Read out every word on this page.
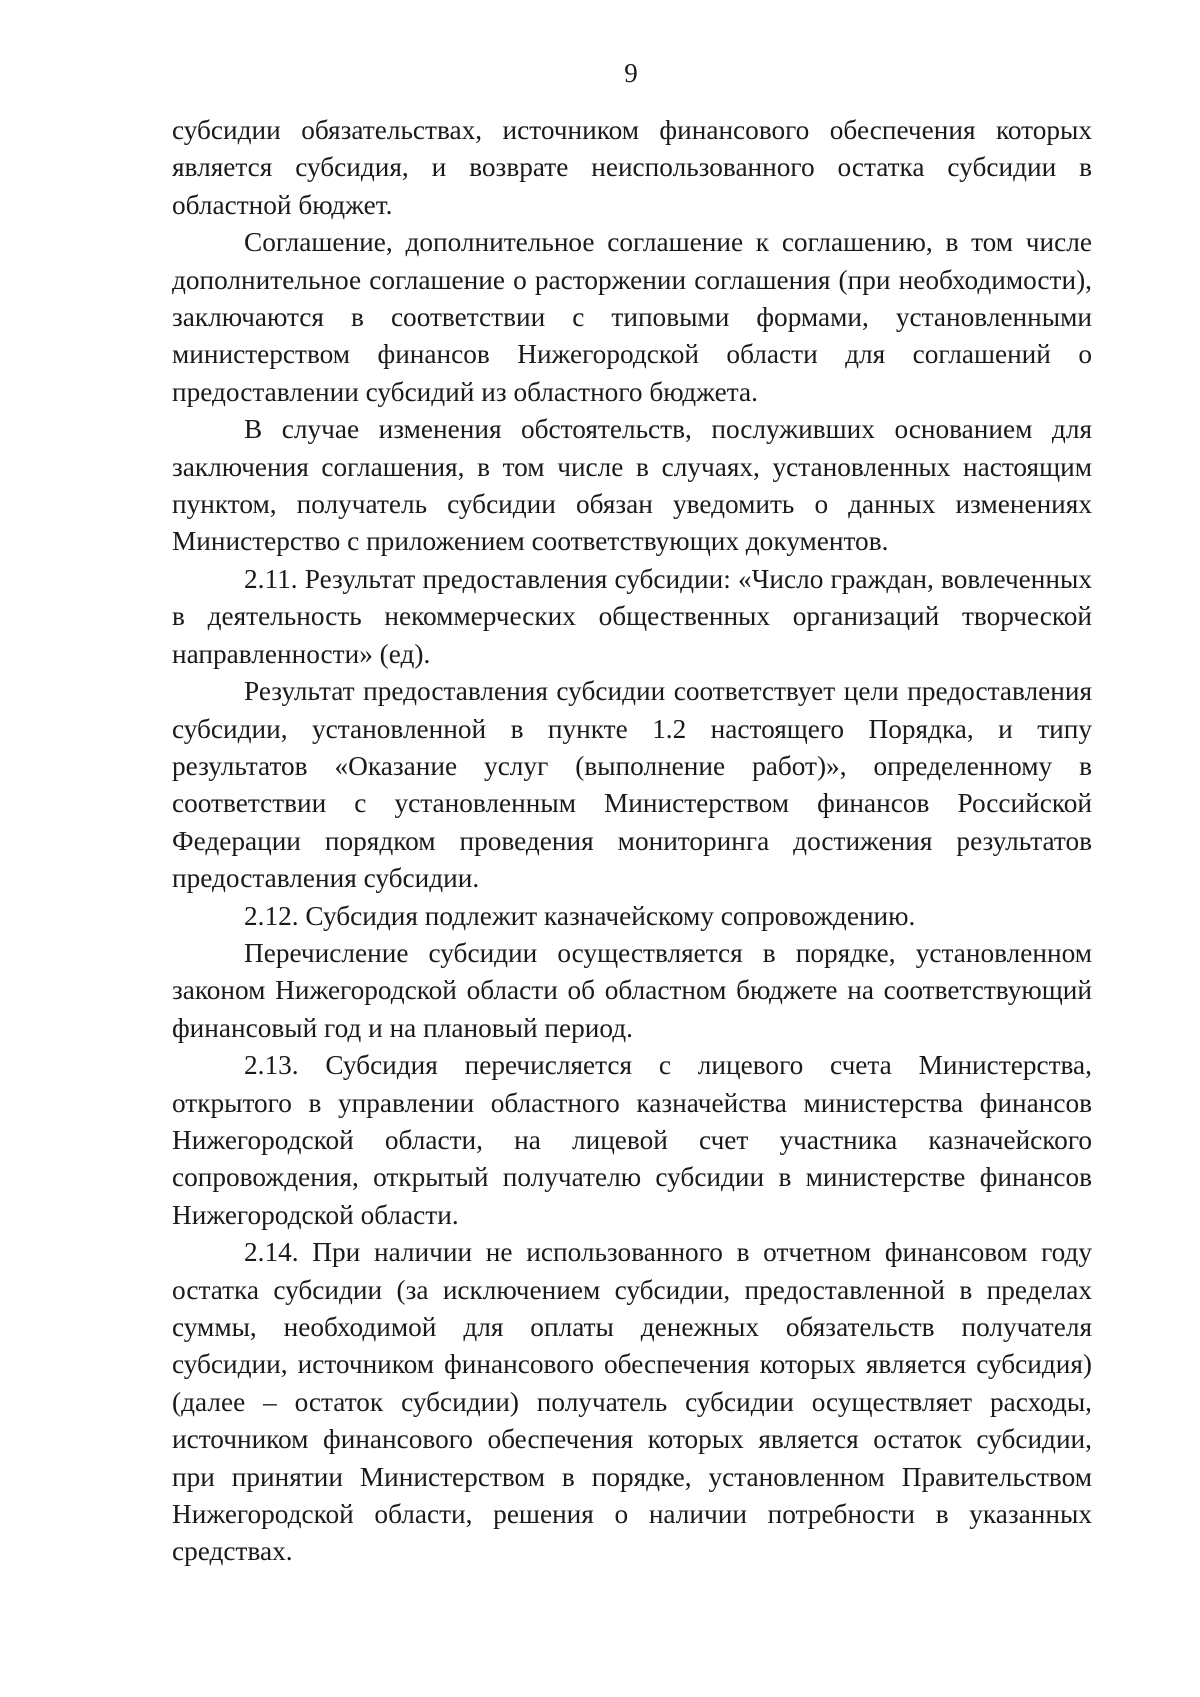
9

субсидии обязательствах, источником финансового обеспечения которых является субсидия, и возврате неиспользованного остатка субсидии в областной бюджет.

Соглашение, дополнительное соглашение к соглашению, в том числе дополнительное соглашение о расторжении соглашения (при необходимости), заключаются в соответствии с типовыми формами, установленными министерством финансов Нижегородской области для соглашений о предоставлении субсидий из областного бюджета.

В случае изменения обстоятельств, послуживших основанием для заключения соглашения, в том числе в случаях, установленных настоящим пунктом, получатель субсидии обязан уведомить о данных изменениях Министерство с приложением соответствующих документов.

2.11. Результат предоставления субсидии: «Число граждан, вовлеченных в деятельность некоммерческих общественных организаций творческой направленности» (ед).

Результат предоставления субсидии соответствует цели предоставления субсидии, установленной в пункте 1.2 настоящего Порядка, и типу результатов «Оказание услуг (выполнение работ)», определенному в соответствии с установленным Министерством финансов Российской Федерации порядком проведения мониторинга достижения результатов предоставления субсидии.

2.12. Субсидия подлежит казначейскому сопровождению.

Перечисление субсидии осуществляется в порядке, установленном законом Нижегородской области об областном бюджете на соответствующий финансовый год и на плановый период.

2.13. Субсидия перечисляется с лицевого счета Министерства, открытого в управлении областного казначейства министерства финансов Нижегородской области, на лицевой счет участника казначейского сопровождения, открытый получателю субсидии в министерстве финансов Нижегородской области.

2.14. При наличии не использованного в отчетном финансовом году остатка субсидии (за исключением субсидии, предоставленной в пределах суммы, необходимой для оплаты денежных обязательств получателя субсидии, источником финансового обеспечения которых является субсидия) (далее – остаток субсидии) получатель субсидии осуществляет расходы, источником финансового обеспечения которых является остаток субсидии, при принятии Министерством в порядке, установленном Правительством Нижегородской области, решения о наличии потребности в указанных средствах.
